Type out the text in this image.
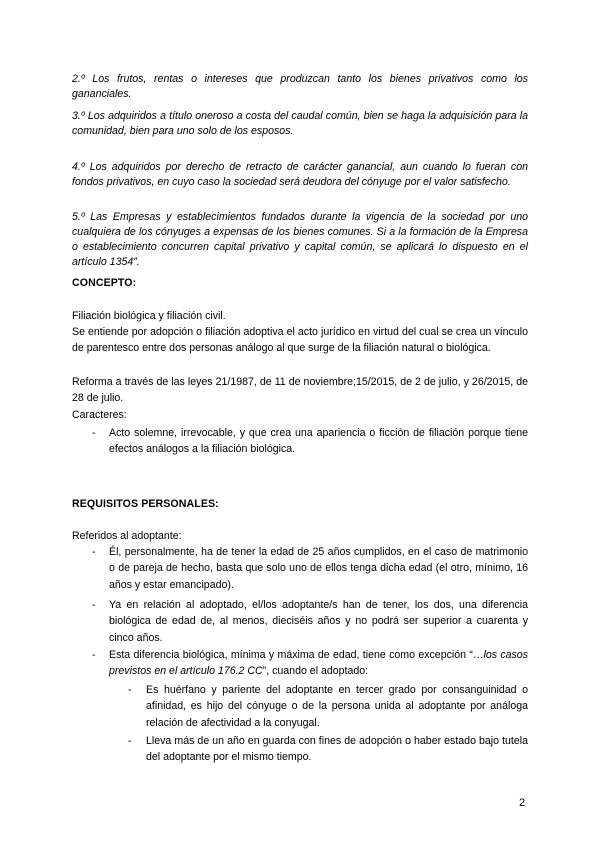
2.º Los frutos, rentas o intereses que produzcan tanto los bienes privativos como los gananciales.

3.º Los adquiridos a título oneroso a costa del caudal común, bien se haga la adquisición para la comunidad, bien para uno solo de los esposos.

4.º Los adquiridos por derecho de retracto de carácter ganancial, aun cuando lo fueran con fondos privativos, en cuyo caso la sociedad será deudora del cónyuge por el valor satisfecho.

5.º Las Empresas y establecimientos fundados durante la vigencia de la sociedad por uno cualquiera de los cónyuges a expensas de los bienes comunes. Si a la formación de la Empresa o establecimiento concurren capital privativo y capital común, se aplicará lo dispuesto en el artículo 1354”.

CONCEPTO:

Filiación biológica y filiación civil.

Se entiende por adopción o filiación adoptiva el acto jurídico en virtud del cual se crea un vínculo de parentesco entre dos personas análogo al que surge de la filiación natural o biológica.

Reforma a través de las leyes 21/1987, de 11 de noviembre;15/2015, de 2 de julio, y 26/2015, de 28 de julio.

Caracteres:

-	Acto solemne, irrevocable, y que crea una apariencia o ficción de filiación porque tiene efectos análogos a la filiación biológica.

REQUISITOS PERSONALES:

Referidos al adoptante:

-	Él, personalmente, ha de tener la edad de 25 años cumplidos, en el caso de matrimonio o de pareja de hecho, basta que solo uno de ellos tenga dicha edad (el otro, mínimo, 16 años y estar emancipado).

-	Ya en relación al adoptado, el/los adoptante/s han de tener, los dos, una diferencia biológica de edad de, al menos, dieciséis años y no podrá ser superior a cuarenta y cinco años.

-	Esta diferencia biológica, mínima y máxima de edad, tiene como excepción “…los casos previstos en el artículo 176.2 CC”, cuando el adoptado:

-	Es huérfano y pariente del adoptante en tercer grado por consanguinidad o afinidad, es hijo del cónyuge o de la persona unida al adoptante por análoga relación de afectividad a la conyugal.

-	Lleva más de un año en guarda con fines de adopción o haber estado bajo tutela del adoptante por el mismo tiempo.

2
